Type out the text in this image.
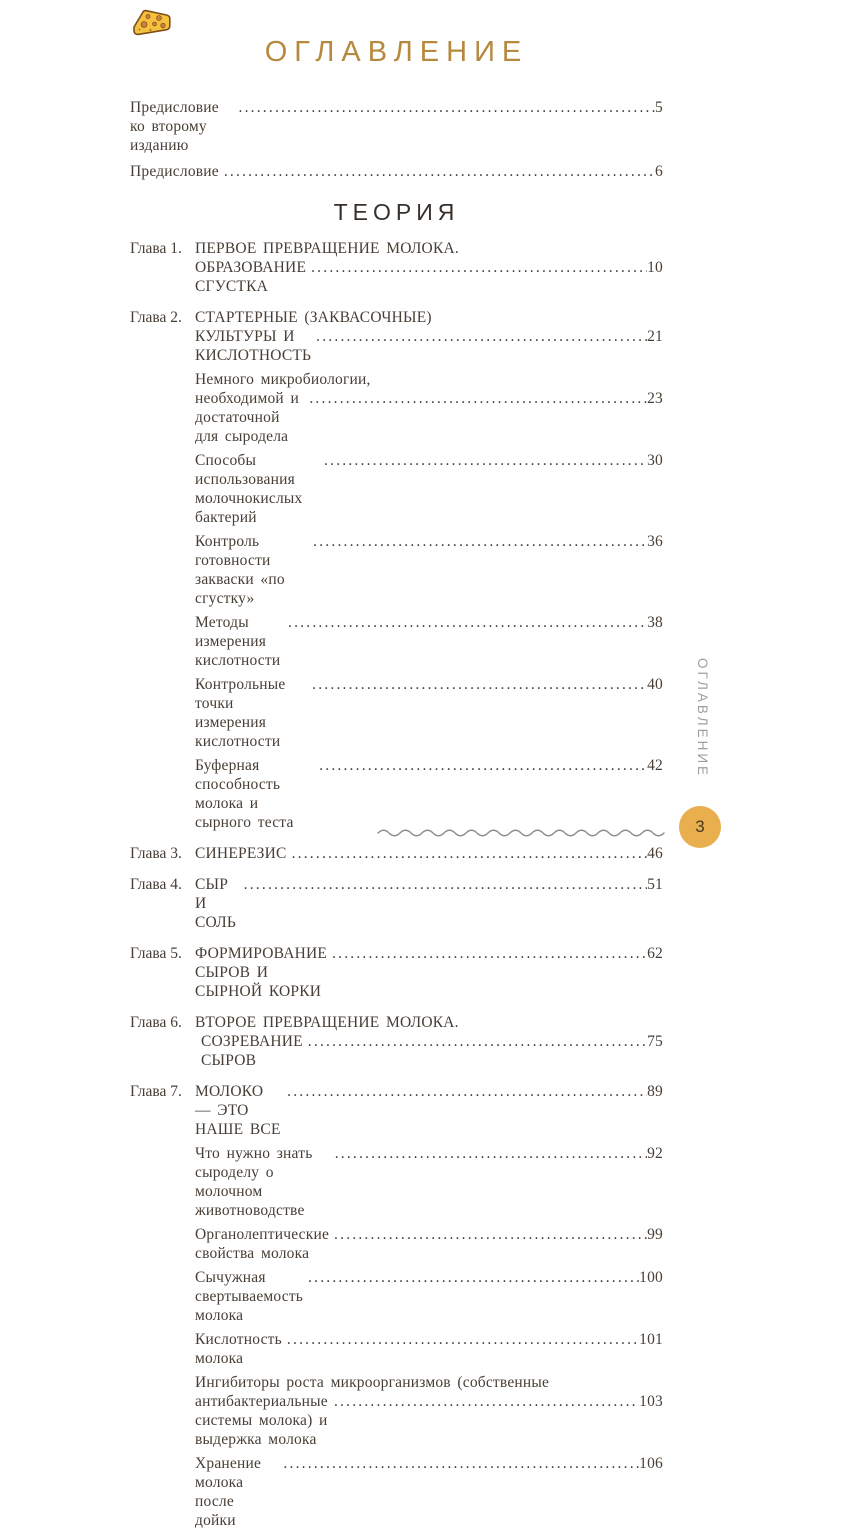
ОГЛАВЛЕНИЕ
Предисловие ко второму изданию
.....
5
Предисловие .....	6
ТЕОРИЯ
Глава 1. ПЕРВОЕ ПРЕВРАЩЕНИЕ МОЛОКА.
ОБРАЗОВАНИЕ СГУСТКА
.....
10
Глава 2. СТАРТЕРНЫЕ (ЗАКВАСОЧНЫЕ)
КУЛЬТУРЫ И КИСЛОТНОСТЬ
.....
21
Немного микробиологии,
необходимой и достаточной для сыродела
.....
23
Способы использования молочнокислых бактерий
.....
30
Контроль готовности закваски «по сгустку»
.....
36
Методы измерения кислотности
.....
38
Контрольные точки измерения кислотности
.....
40
Буферная способность молока и сырного теста
.....
42
Глава 3. СИНЕРЕЗИС .....	46
Глава 4. СЫР И СОЛЬ
.....
51
Глава 5. ФОРМИРОВАНИЕ СЫРОВ И СЫРНОЙ КОРКИ
.....
62
Глава 6. ВТОРОЕ ПРЕВРАЩЕНИЕ МОЛОКА.
СОЗРЕВАНИЕ СЫРОВ
.....
75
Глава 7. МОЛОКО — ЭТО НАШЕ ВСЕ
.....
89
Что нужно знать сыроделу о молочном животноводстве
.....
92
Органолептические свойства молока
.....
99
Сычужная свертываемость молока
.....
100
Кислотность молока
.....
101
Ингибиторы роста микроорганизмов (собственные
антибактериальные системы молока) и выдержка молока
.....
103
Хранение молока после дойки
.....
106
ОГЛАВЛЕНИЕ
3
